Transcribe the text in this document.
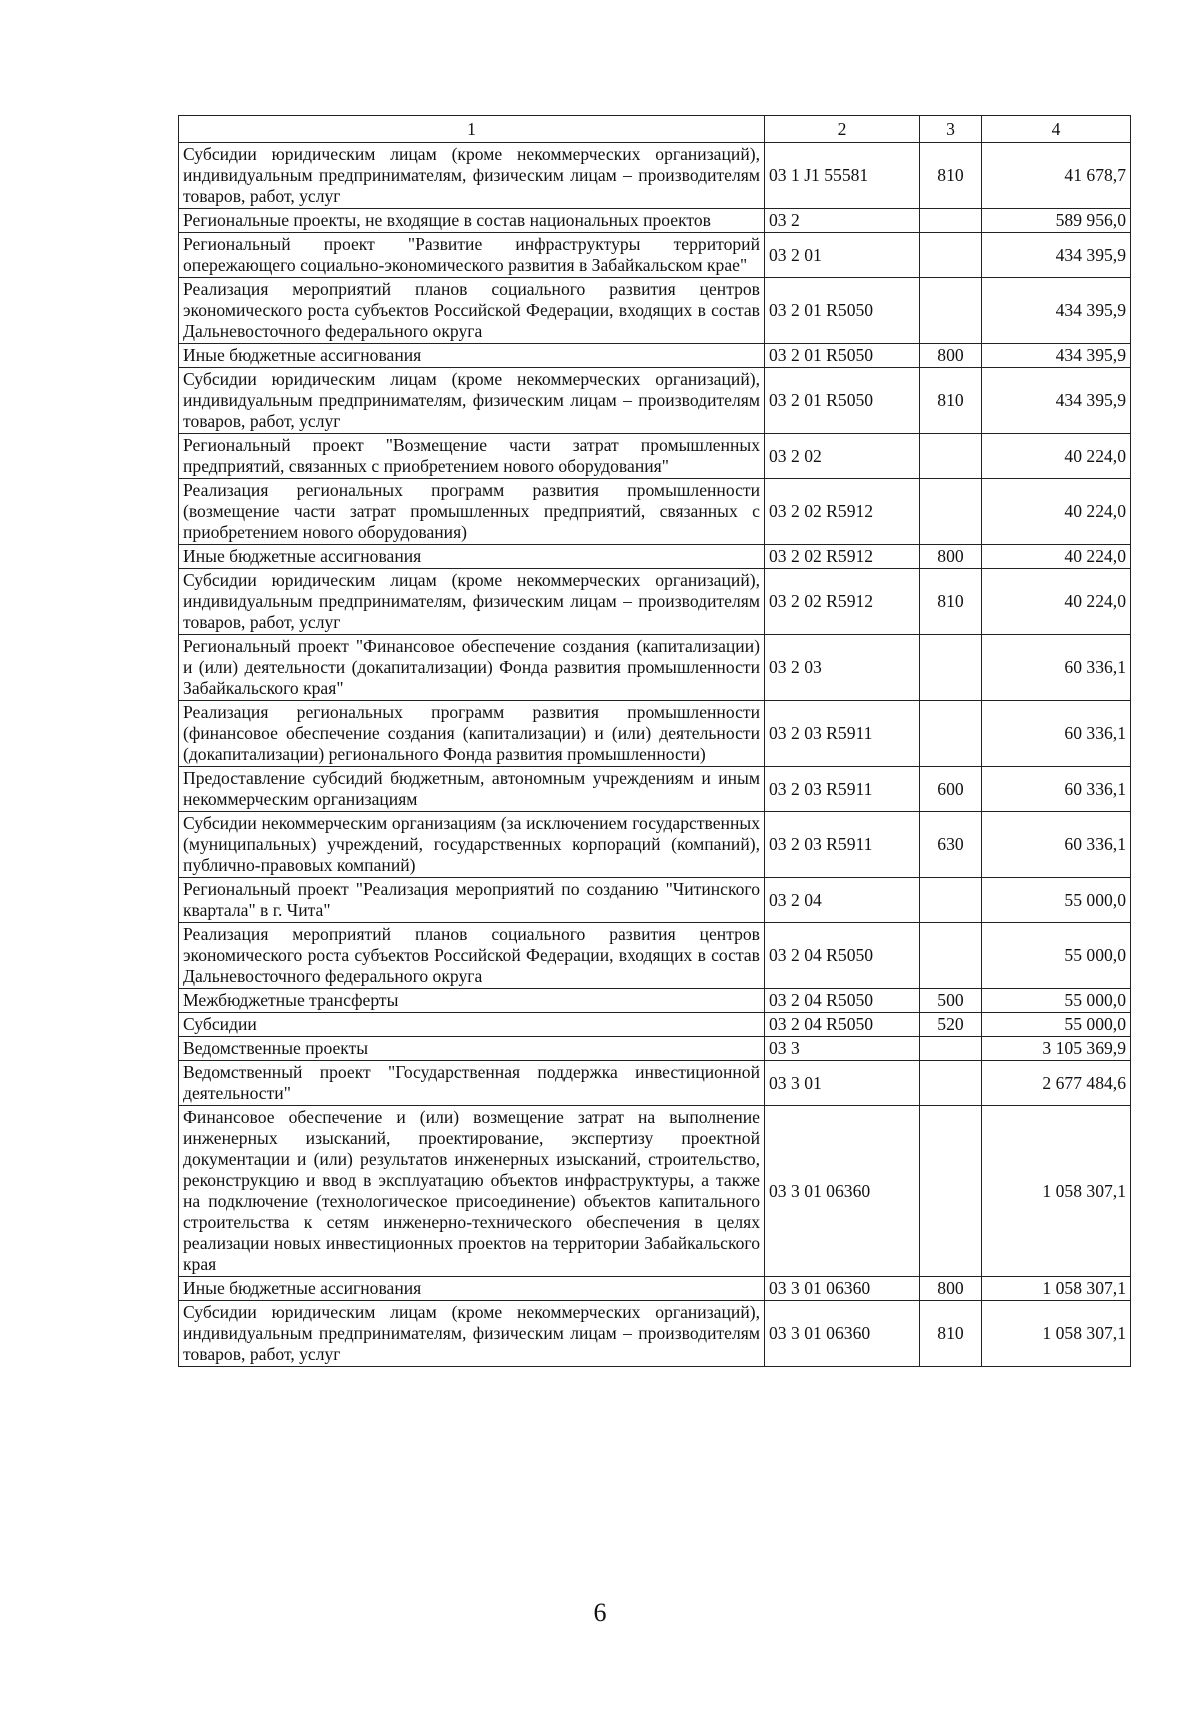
1	2	3	4
Субсидии юридическим лицам (кроме некоммерческих организаций), индивидуальным предпринимателям, физическим лицам – производителям товаров, работ, услуг	03 1 J1 55581	810	41 678,7
Региональные проекты, не входящие в состав национальных проектов	03 2		589 956,0
Региональный проект "Развитие инфраструктуры территорий опережающего социально-экономического развития в Забайкальском крае"	03 2 01		434 395,9
Реализация мероприятий планов социального развития центров экономического роста субъектов Российской Федерации, входящих в состав Дальневосточного федерального округа	03 2 01 R5050		434 395,9
Иные бюджетные ассигнования	03 2 01 R5050	800	434 395,9
Субсидии юридическим лицам (кроме некоммерческих организаций), индивидуальным предпринимателям, физическим лицам – производителям товаров, работ, услуг	03 2 01 R5050	810	434 395,9
Региональный проект "Возмещение части затрат промышленных предприятий, связанных с приобретением нового оборудования"	03 2 02		40 224,0
Реализация региональных программ развития промышленности (возмещение части затрат промышленных предприятий, связанных с приобретением нового оборудования)	03 2 02 R5912		40 224,0
Иные бюджетные ассигнования	03 2 02 R5912	800	40 224,0
Субсидии юридическим лицам (кроме некоммерческих организаций), индивидуальным предпринимателям, физическим лицам – производителям товаров, работ, услуг	03 2 02 R5912	810	40 224,0
Региональный проект "Финансовое обеспечение создания (капитализации) и (или) деятельности (докапитализации) Фонда развития промышленности Забайкальского края"	03 2 03		60 336,1
Реализация региональных программ развития промышленности (финансовое обеспечение создания (капитализации) и (или) деятельности (докапитализации) регионального Фонда развития промышленности)	03 2 03 R5911		60 336,1
Предоставление субсидий бюджетным, автономным учреждениям и иным некоммерческим организациям	03 2 03 R5911	600	60 336,1
Субсидии некоммерческим организациям (за исключением государственных (муниципальных) учреждений, государственных корпораций (компаний), публично-правовых компаний)	03 2 03 R5911	630	60 336,1
Региональный проект "Реализация мероприятий по созданию "Читинского квартала" в г. Чита"	03 2 04		55 000,0
Реализация мероприятий планов социального развития центров экономического роста субъектов Российской Федерации, входящих в состав Дальневосточного федерального округа	03 2 04 R5050		55 000,0
Межбюджетные трансферты	03 2 04 R5050	500	55 000,0
Субсидии	03 2 04 R5050	520	55 000,0
Ведомственные проекты	03 3		3 105 369,9
Ведомственный проект "Государственная поддержка инвестиционной деятельности"	03 3 01		2 677 484,6
Финансовое обеспечение и (или) возмещение затрат на выполнение инженерных изысканий, проектирование, экспертизу проектной документации и (или) результатов инженерных изысканий, строительство, реконструкцию и ввод в эксплуатацию объектов инфраструктуры, а также на подключение (технологическое присоединение) объектов капитального строительства к сетям инженерно-технического обеспечения в целях реализации новых инвестиционных проектов на территории Забайкальского края	03 3 01 06360		1 058 307,1
Иные бюджетные ассигнования	03 3 01 06360	800	1 058 307,1
Субсидии юридическим лицам (кроме некоммерческих организаций), индивидуальным предпринимателям, физическим лицам – производителям товаров, работ, услуг	03 3 01 06360	810	1 058 307,1
6
